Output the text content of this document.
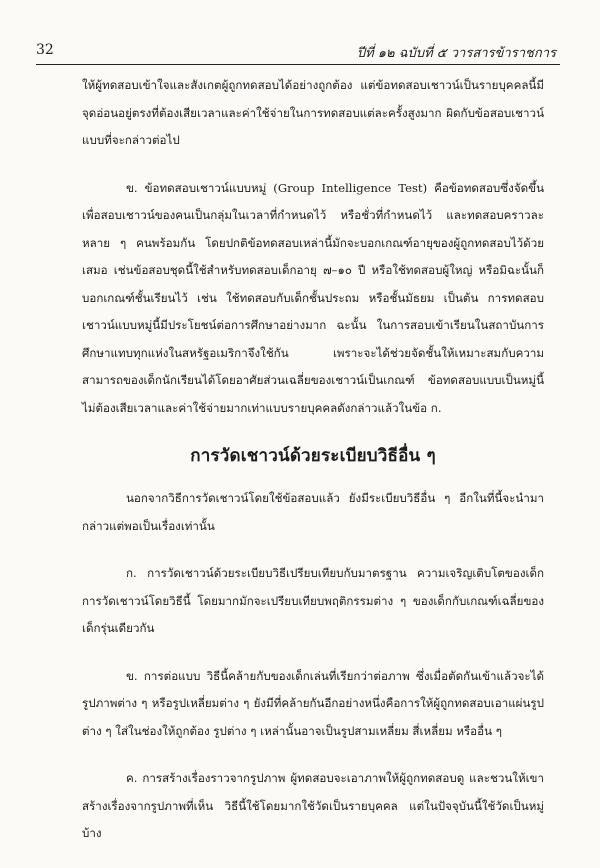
32	ปีที่ ๑๒ ฉบับที่ ๕ วารสารข้าราชการ

ให้ผู้ทดสอบเข้าใจและสังเกตผู้ถูกทดสอบได้อย่างถูกต้อง แต่ข้อทดสอบเชาวน์เป็นรายบุคคลนี้มีจุดอ่อนอยู่ตรงที่ต้องเสียเวลาและค่าใช้จ่ายในการทดสอบแต่ละครั้งสูงมาก ผิดกับข้อสอบเชาวน์แบบที่จะกล่าวต่อไป

ข. ข้อทดสอบเชาวน์แบบหมู่ (Group Intelligence Test) คือข้อทดสอบซึ่งจัดขึ้นเพื่อสอบเชาวน์ของคนเป็นกลุ่มในเวลาที่กำหนดไว้ หรือชั่วที่กำหนดไว้ และทดสอบคราวละหลาย ๆ คนพร้อมกัน โดยปกติข้อทดสอบเหล่านี้มักจะบอกเกณฑ์อายุของผู้ถูกทดสอบไว้ด้วยเสมอ เช่นข้อสอบชุดนี้ใช้สำหรับทดสอบเด็กอายุ ๗–๑๐ ปี หรือใช้ทดสอบผู้ใหญ่ หรือมิฉะนั้นก็บอกเกณฑ์ชั้นเรียนไว้ เช่น ใช้ทดสอบกับเด็กชั้นประถม หรือชั้นมัธยม เป็นต้น การทดสอบเชาวน์แบบหมู่นี้มีประโยชน์ต่อการศึกษาอย่างมาก ฉะนั้น ในการสอบเข้าเรียนในสถาบันการศึกษาแทบทุกแห่งในสหรัฐอเมริกาจึงใช้กัน เพราะจะได้ช่วยจัดชั้นให้เหมาะสมกับความสามารถของเด็กนักเรียนได้โดยอาศัยส่วนเฉลี่ยของเชาวน์เป็นเกณฑ์ ข้อทดสอบแบบเป็นหมู่นี้ไม่ต้องเสียเวลาและค่าใช้จ่ายมากเท่าแบบรายบุคคลดังกล่าวแล้วในข้อ ก.

การวัดเชาวน์ด้วยระเบียบวิธีอื่น ๆ

นอกจากวิธีการวัดเชาวน์โดยใช้ข้อสอบแล้ว ยังมีระเบียบวิธีอื่น ๆ อีกในที่นี้จะนำมากล่าวแต่พอเป็นเรื่องเท่านั้น

ก. การวัดเชาวน์ด้วยระเบียบวิธีเปรียบเทียบกับมาตรฐาน ความเจริญเติบโตของเด็ก การวัดเชาวน์โดยวิธีนี้ โดยมากมักจะเปรียบเทียบพฤติกรรมต่าง ๆ ของเด็กกับเกณฑ์เฉลี่ยของเด็กรุ่นเดียวกัน

ข. การต่อแบบ วิธีนี้คล้ายกับของเด็กเล่นที่เรียกว่าต่อภาพ ซึ่งเมื่อตัดกันเข้าแล้วจะได้รูปภาพต่าง ๆ หรือรูปเหลี่ยมต่าง ๆ ยังมีที่คล้ายกันอีกอย่างหนึ่งคือการให้ผู้ถูกทดสอบเอาแผ่นรูปต่าง ๆ ใส่ในช่องให้ถูกต้อง รูปต่าง ๆ เหล่านั้นอาจเป็นรูปสามเหลี่ยม สี่เหลี่ยม หรืออื่น ๆ

ค. การสร้างเรื่องราวจากรูปภาพ ผู้ทดสอบจะเอาภาพให้ผู้ถูกทดสอบดู และชวนให้เขาสร้างเรื่องจากรูปภาพที่เห็น วิธีนี้ใช้โดยมากใช้วัดเป็นรายบุคคล แต่ในปัจจุบันนี้ใช้วัดเป็นหมู่บ้าง
